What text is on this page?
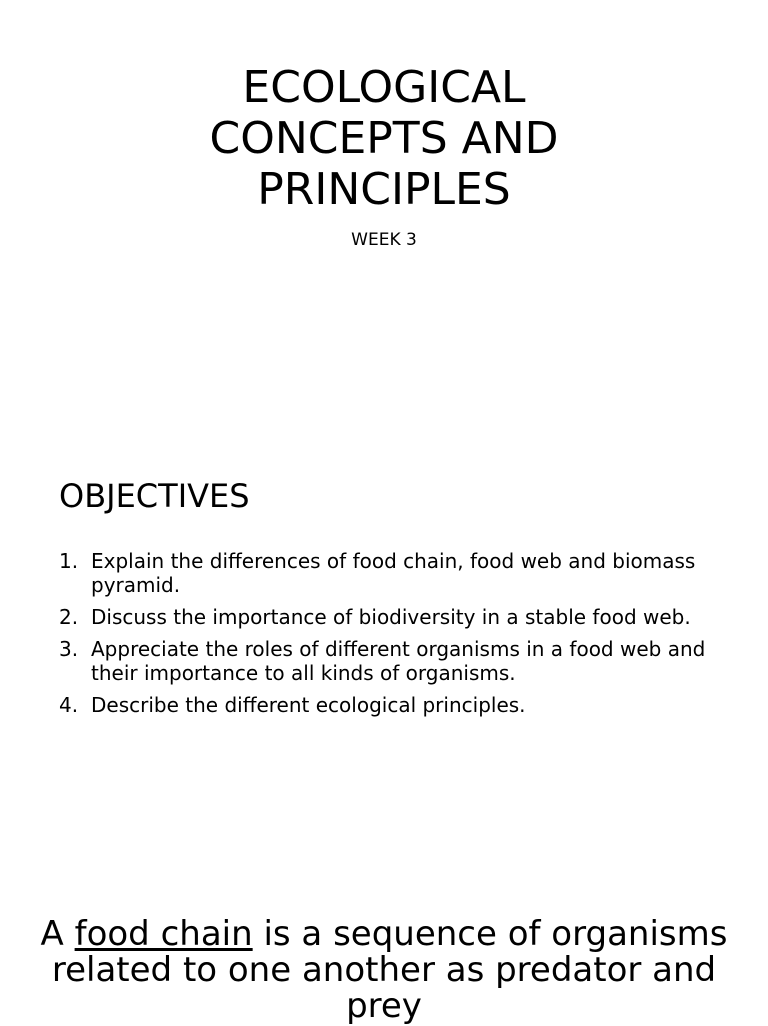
ECOLOGICAL
CONCEPTS AND
PRINCIPLES
WEEK 3
OBJECTIVES
1. Explain the differences of food chain, food web and biomass pyramid.
2. Discuss the importance of biodiversity in a stable food web.
3. Appreciate the roles of different organisms in a food web and their importance to all kinds of organisms.
4. Describe the different ecological principles.

A food chain is a sequence of organisms related to one another as predator and prey
